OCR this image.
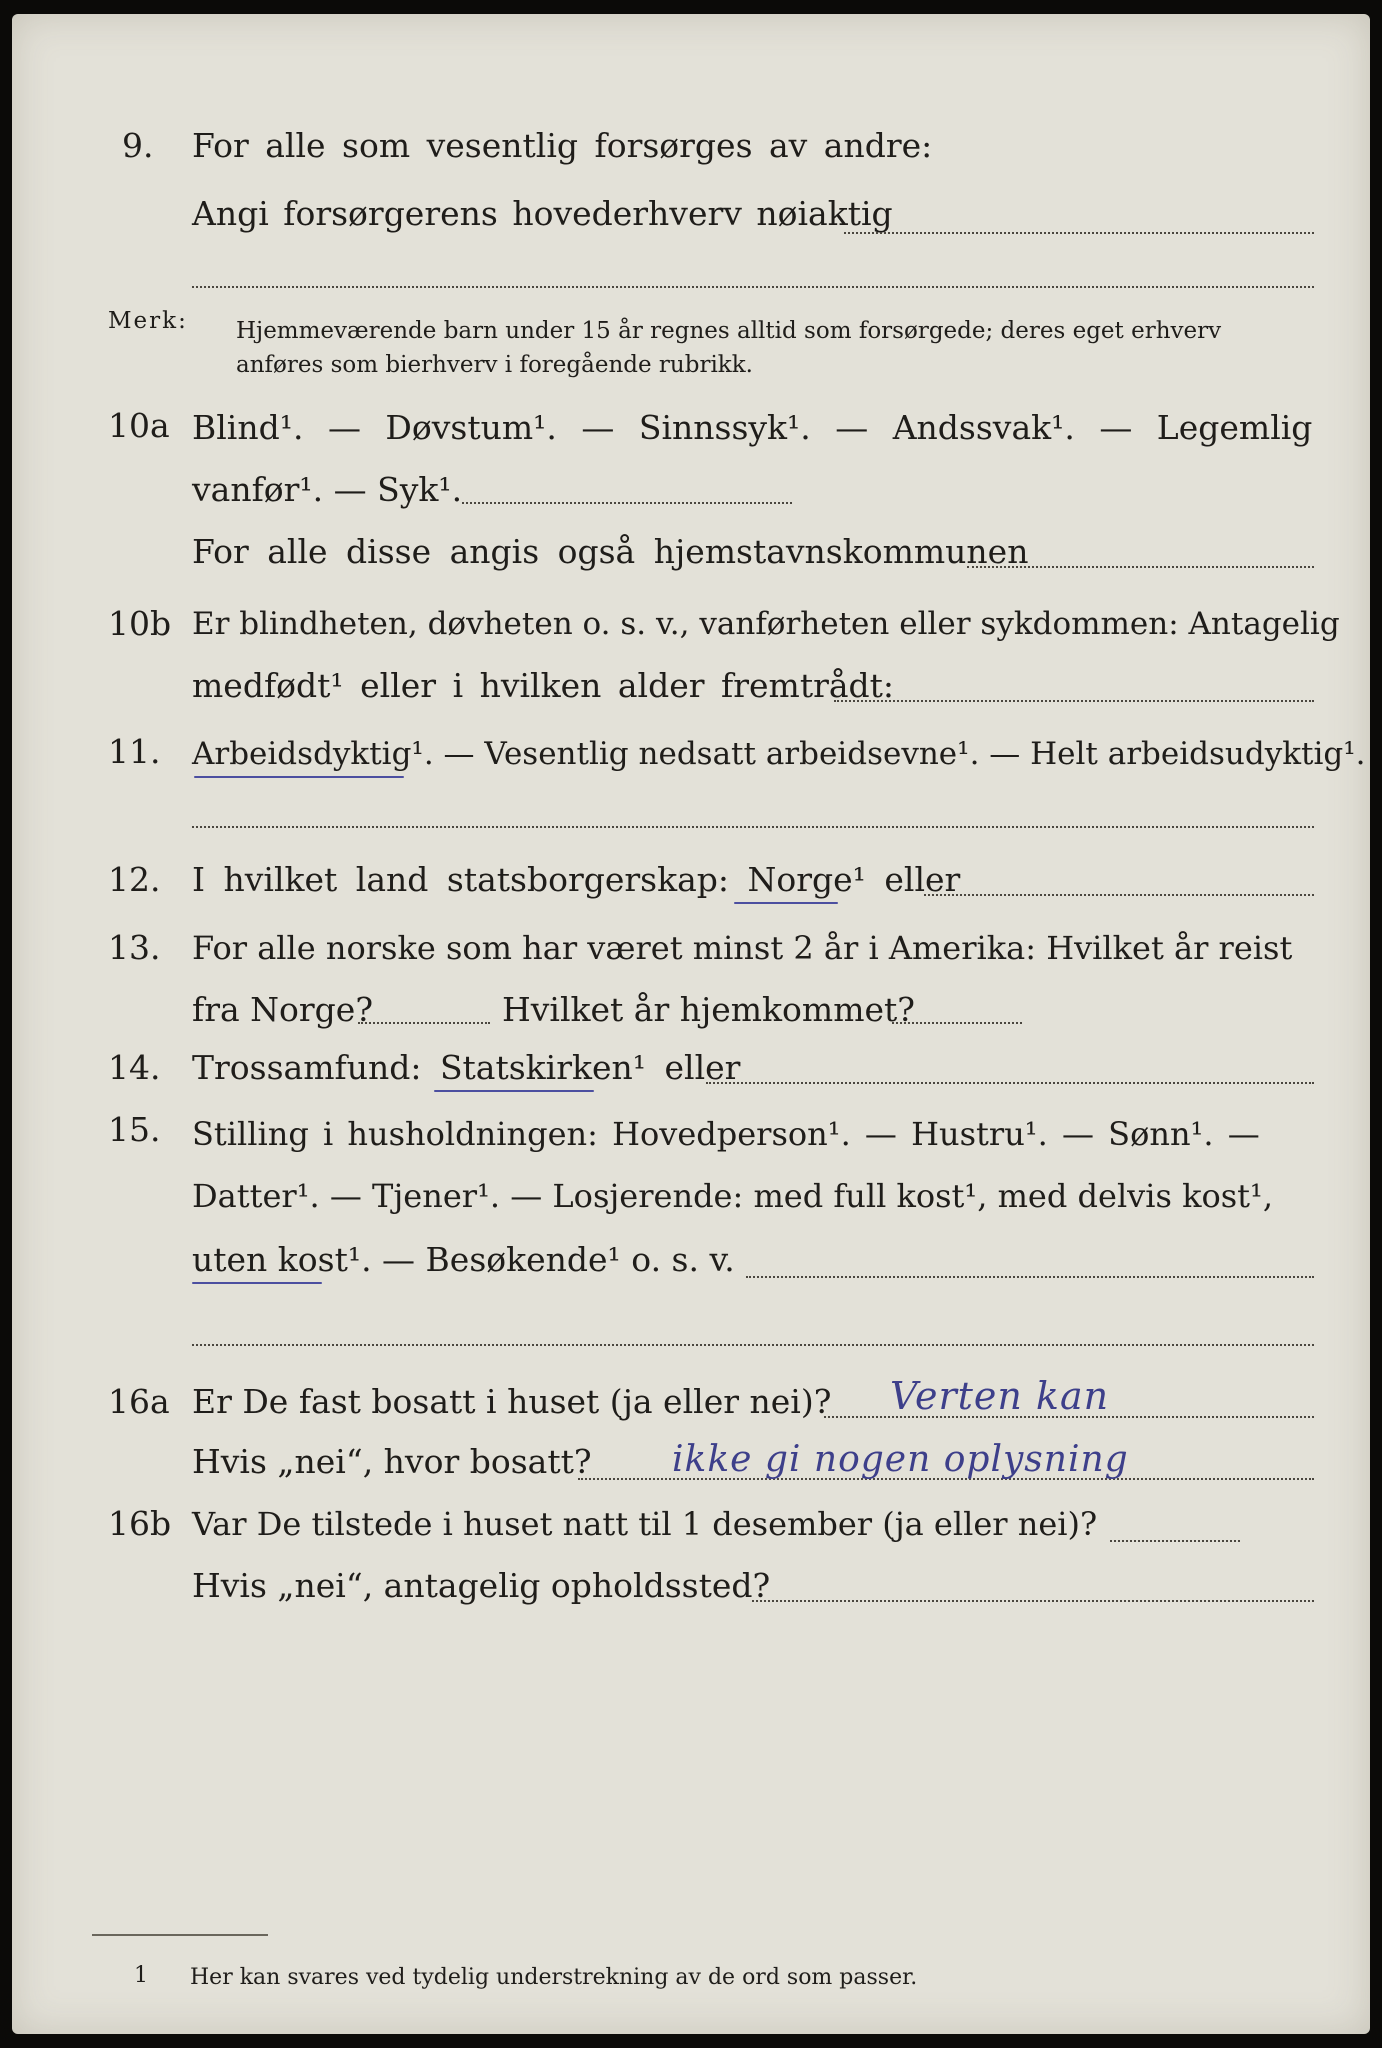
9. For alle som vesentlig forsørges av andre:
Angi forsørgerens hovederhverv nøiaktig
Merk: Hjemmeværende barn under 15 år regnes alltid som forsørgede; deres eget erhverv
anføres som bierhverv i foregående rubrikk.
10a Blind¹. — Døvstum¹. — Sinnssyk¹. — Andssvak¹. — Legemlig
vanfør¹. — Syk¹.
For alle disse angis også hjemstavnskommunen
10b Er blindheten, døvheten o. s. v., vanførheten eller sykdommen: Antagelig
medfødt¹ eller i hvilken alder fremtrådt:
11. Arbeidsdyktig¹. — Vesentlig nedsatt arbeidsevne¹. — Helt arbeidsudyktig¹.
12. I hvilket land statsborgerskap: Norge¹ eller
13. For alle norske som har været minst 2 år i Amerika: Hvilket år reist
fra Norge?	Hvilket år hjemkommet?
14. Trossamfund: Statskirken¹ eller
15. Stilling i husholdningen: Hovedperson¹. — Hustru¹. — Sønn¹. —
Datter¹. — Tjener¹. — Losjerende: med full kost¹, med delvis kost¹,
uten kost¹. — Besøkende¹ o. s. v.
16a Er De fast bosatt i huset (ja eller nei)? Verten kan
Hvis „nei“, hvor bosatt? ikke gi nogen oplysning
16b Var De tilstede i huset natt til 1 desember (ja eller nei)?
Hvis „nei“, antagelig opholdssted?
1 Her kan svares ved tydelig understrekning av de ord som passer.
